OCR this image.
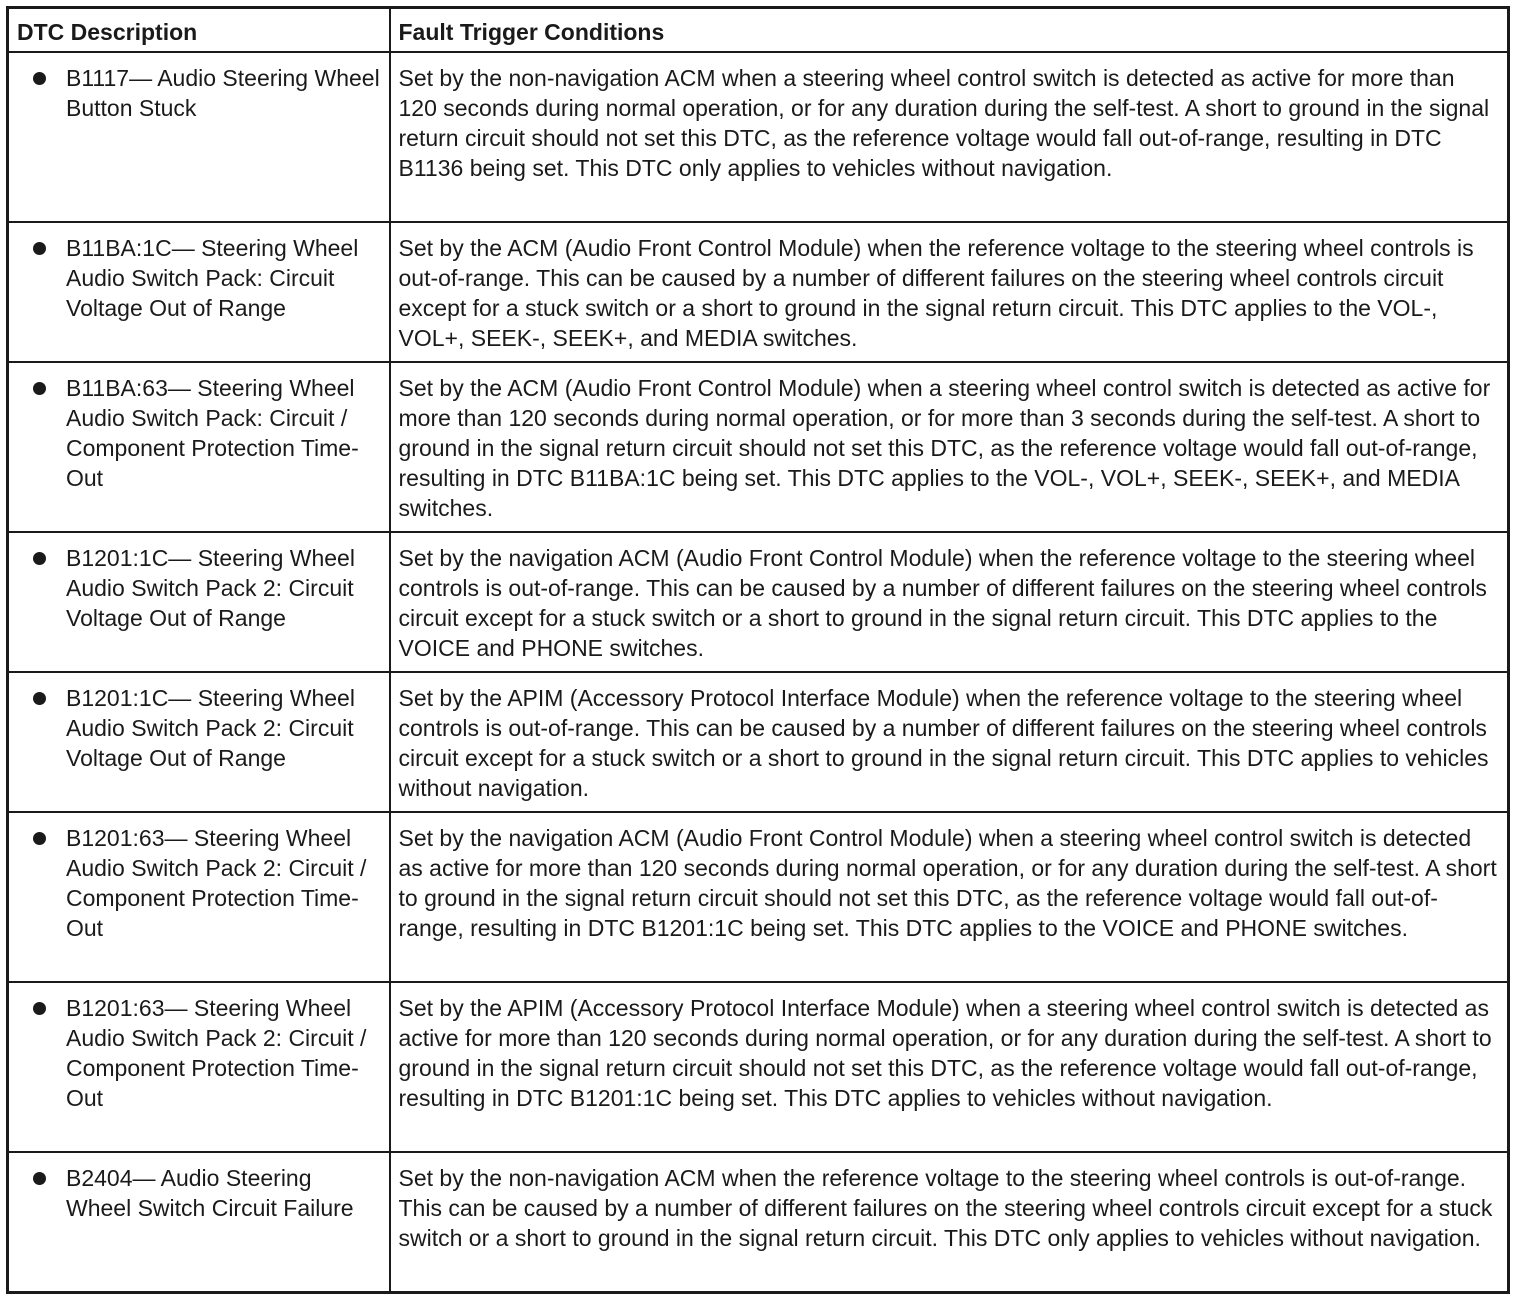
DTC Description	Fault Trigger Conditions

B1117— Audio Steering Wheel Button Stuck	Set by the non-navigation ACM when a steering wheel control switch is detected as active for more than 120 seconds during normal operation, or for any duration during the self-test. A short to ground in the signal return circuit should not set this DTC, as the reference voltage would fall out-of-range, resulting in DTC B1136 being set. This DTC only applies to vehicles without navigation.

B11BA:1C— Steering Wheel Audio Switch Pack: Circuit Voltage Out of Range	Set by the ACM (Audio Front Control Module) when the reference voltage to the steering wheel controls is out-of-range. This can be caused by a number of different failures on the steering wheel controls circuit except for a stuck switch or a short to ground in the signal return circuit. This DTC applies to the VOL-, VOL+, SEEK-, SEEK+, and MEDIA switches.

B11BA:63— Steering Wheel Audio Switch Pack: Circuit / Component Protection Time-Out	Set by the ACM (Audio Front Control Module) when a steering wheel control switch is detected as active for more than 120 seconds during normal operation, or for more than 3 seconds during the self-test. A short to ground in the signal return circuit should not set this DTC, as the reference voltage would fall out-of-range, resulting in DTC B11BA:1C being set. This DTC applies to the VOL-, VOL+, SEEK-, SEEK+, and MEDIA switches.

B1201:1C— Steering Wheel Audio Switch Pack 2: Circuit Voltage Out of Range	Set by the navigation ACM (Audio Front Control Module) when the reference voltage to the steering wheel controls is out-of-range. This can be caused by a number of different failures on the steering wheel controls circuit except for a stuck switch or a short to ground in the signal return circuit. This DTC applies to the VOICE and PHONE switches.

B1201:1C— Steering Wheel Audio Switch Pack 2: Circuit Voltage Out of Range	Set by the APIM (Accessory Protocol Interface Module) when the reference voltage to the steering wheel controls is out-of-range. This can be caused by a number of different failures on the steering wheel controls circuit except for a stuck switch or a short to ground in the signal return circuit. This DTC applies to vehicles without navigation.

B1201:63— Steering Wheel Audio Switch Pack 2: Circuit / Component Protection Time-Out	Set by the navigation ACM (Audio Front Control Module) when a steering wheel control switch is detected as active for more than 120 seconds during normal operation, or for any duration during the self-test. A short to ground in the signal return circuit should not set this DTC, as the reference voltage would fall out-of-range, resulting in DTC B1201:1C being set. This DTC applies to the VOICE and PHONE switches.

B1201:63— Steering Wheel Audio Switch Pack 2: Circuit / Component Protection Time-Out	Set by the APIM (Accessory Protocol Interface Module) when a steering wheel control switch is detected as active for more than 120 seconds during normal operation, or for any duration during the self-test. A short to ground in the signal return circuit should not set this DTC, as the reference voltage would fall out-of-range, resulting in DTC B1201:1C being set. This DTC applies to vehicles without navigation.

B2404— Audio Steering Wheel Switch Circuit Failure	Set by the non-navigation ACM when the reference voltage to the steering wheel controls is out-of-range. This can be caused by a number of different failures on the steering wheel controls circuit except for a stuck switch or a short to ground in the signal return circuit. This DTC only applies to vehicles without navigation.
